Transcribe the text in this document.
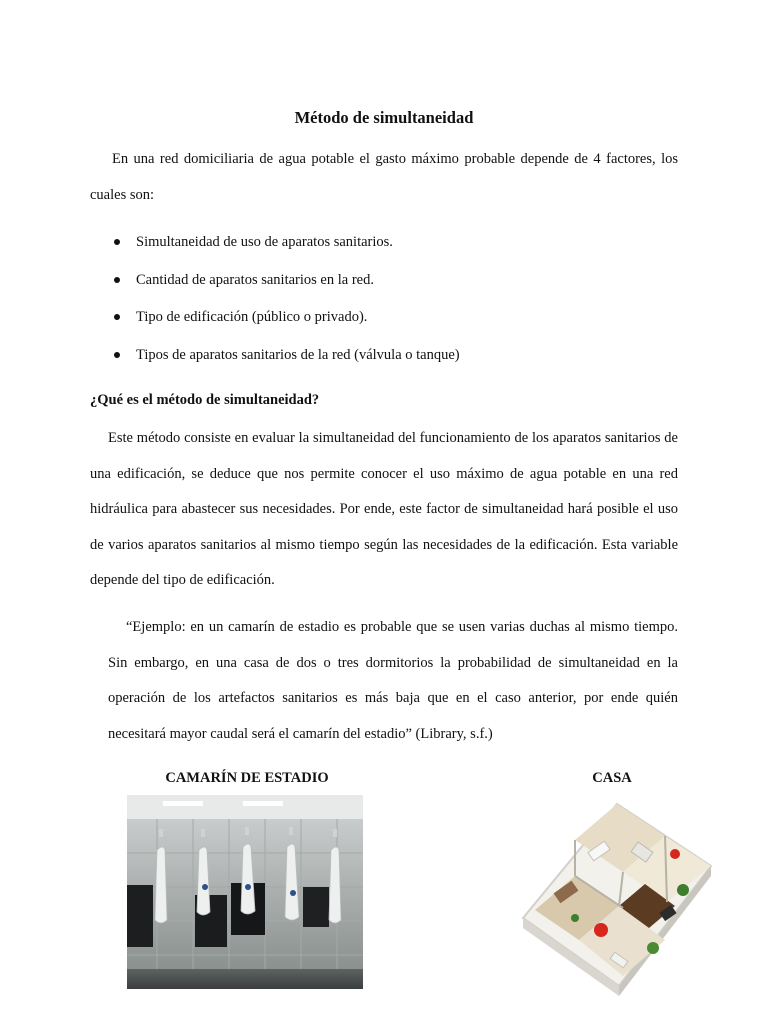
Método de simultaneidad
En una red domiciliaria de agua potable el gasto máximo probable depende de 4 factores, los cuales son:
Simultaneidad de uso de aparatos sanitarios.
Cantidad de aparatos sanitarios en la red.
Tipo de edificación (público o privado).
Tipos de aparatos sanitarios de la red (válvula o tanque)
¿Qué es el método de simultaneidad?
Este método consiste en evaluar la simultaneidad del funcionamiento de los aparatos sanitarios de una edificación, se deduce que nos permite conocer el uso máximo de agua potable en una red hidráulica para abastecer sus necesidades. Por ende, este factor de simultaneidad hará posible el uso de varios aparatos sanitarios al mismo tiempo según las necesidades de la edificación. Esta variable depende del tipo de edificación.
“Ejemplo: en un camarín de estadio es probable que se usen varias duchas al mismo tiempo. Sin embargo, en una casa de dos o tres dormitorios la probabilidad de simultaneidad en la operación de los artefactos sanitarios es más baja que en el caso anterior, por ende quién necesitará mayor caudal será el camarín del estadio” (Library, s.f.)
CAMARÍN DE ESTADIO	CASA
